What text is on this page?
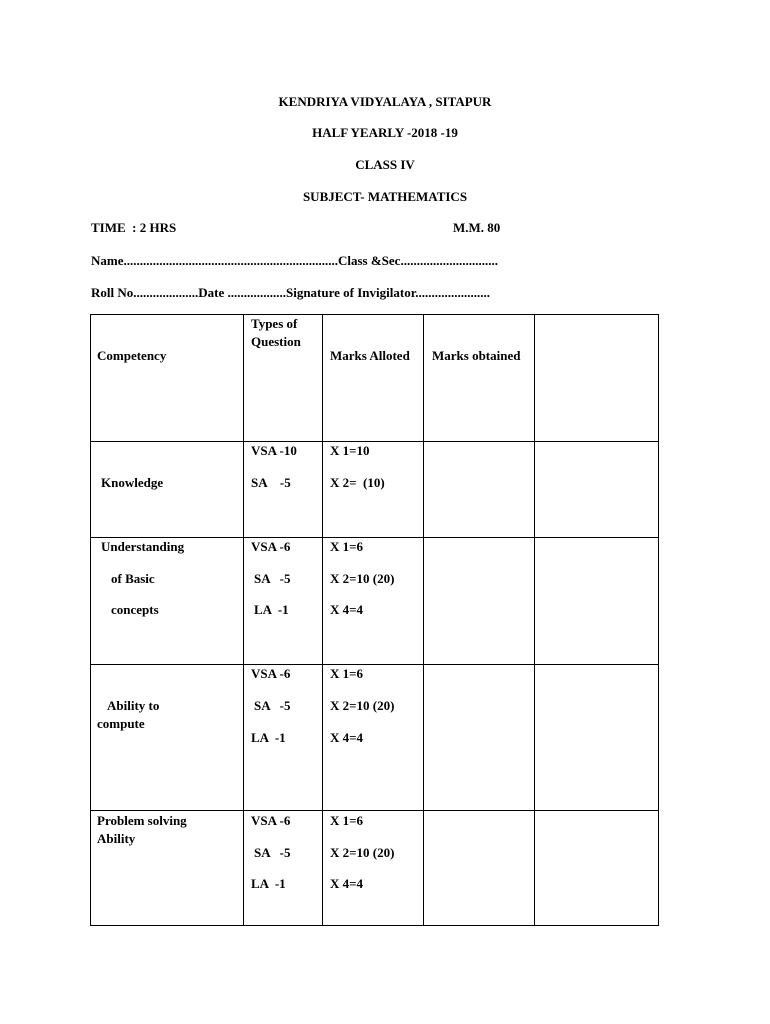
KENDRIYA VIDYALAYA , SITAPUR
HALF YEARLY -2018 -19
CLASS IV
SUBJECT- MATHEMATICS
TIME  : 2 HRS	M.M. 80
Name..................................................................Class &Sec..............................
Roll No....................Date ..................Signature of Invigilator.......................
Competency
Types of
Question
Marks Alloted Marks obtained
Knowledge
VSA -10
SA    -5
X 1=10
X 2=  (10)
Understanding
of Basic
concepts
VSA -6
SA   -5
LA  -1
X 1=6
X 2=10 (20)
X 4=4
Ability to
compute
VSA -6
SA   -5
LA  -1
X 1=6
X 2=10 (20)
X 4=4
Problem solving
Ability
VSA -6
SA   -5
LA  -1
X 1=6
X 2=10 (20)
X 4=4
